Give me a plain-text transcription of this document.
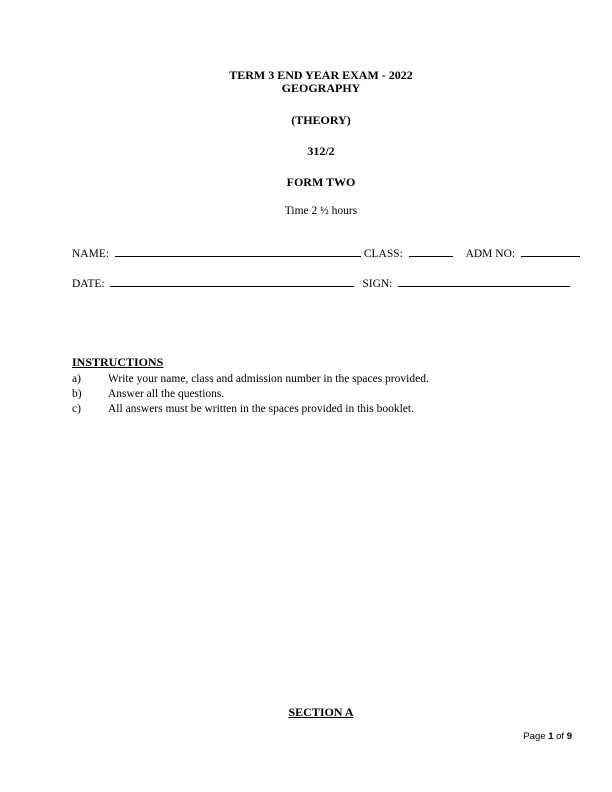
TERM 3 END YEAR EXAM - 2022
GEOGRAPHY
(THEORY)
312/2
FORM TWO
Time 2 ½ hours
NAME:	CLASS:	ADM NO:
DATE:	SIGN:
INSTRUCTIONS
a) Write your name, class and admission number in the spaces provided.
b) Answer all the questions.
c) All answers must be written in the spaces provided in this booklet.
SECTION A
Page 1 of 9
